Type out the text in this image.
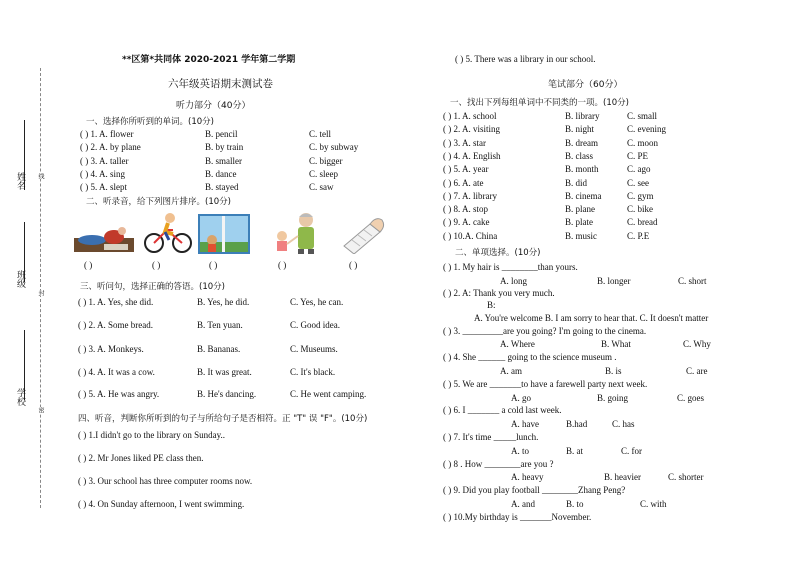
姓名
班级
学校
线
封
密
**区第*共同体 2020-2021 学年第二学期
六年级英语期末测试卷
听力部分（40分）
一、选择你所听到的单词。(10分)
( ) 1. A. flower	B. pencil	C. tell
( ) 2. A. by plane	B. by train	C. by subway
( ) 3. A. taller	B. smaller	C. bigger
( ) 4. A. sing	B. dance	C. sleep
( ) 5. A. slept	B. stayed	C. saw
二、听录音，给下列图片排序。(10分)
( )	( )	( )	( )	( )
三、听问句，选择正确的答语。(10分)
( ) 1. A. Yes, she did.	B. Yes, he did.	C. Yes, he can.
( ) 2. A. Some bread.	B. Ten yuan.	C. Good idea.
( ) 3. A. Monkeys.	B. Bananas.	C. Museums.
( ) 4. A. It was a cow.	B. It was great.	C. It's black.
( ) 5. A. He was angry.	B. He's dancing.	C. He went camping.
四、听音，判断你所听到的句子与所给句子是否相符。正 "T" 误 "F"。(10分)
( ) 1.I didn't go to the library on Sunday..
( ) 2. Mr Jones liked PE class then.
( ) 3. Our school has three computer rooms now.
( ) 4. On Sunday afternoon, I went swimming.
( ) 5. There was a library in our school.
笔试部分（60分）
一、找出下列每组单词中不同类的一项。(10分)
( ) 1. A. school	B. library	C. small
( ) 2. A. visiting	B. night	C. evening
( ) 3. A. star	B. dream	C. moon
( ) 4. A. English	B. class	C. PE
( ) 5. A. year	B. month	C. ago
( ) 6. A. ate	B. did	C. see
( ) 7. A. library	B. cinema	C. gym
( ) 8. A. stop	B. plane	C. bike
( ) 9. A. cake	B. plate	C. bread
( ) 10.A. China	B. music	C. P.E
二、单项选择。(10分)
( ) 1. My hair is ________than yours.
A. long	B. longer	C. short
( ) 2. A: Thank you very much.
B:
A. You're welcome B. I am sorry to hear that. C. It doesn't matter
( ) 3. _________are you going? I'm going to the cinema.
A. Where	B. What	C. Why
( ) 4. She ______ going to the science museum .
A. am	B. is	C. are
( ) 5. We are _______to have a farewell party next week.
A. go	B. going	C. goes
( ) 6. I _______ a cold last week.
A. have	B.had	C. has
( ) 7. It's time _____lunch.
A. to	B. at	C. for
( ) 8 . How ________are you ?
A. heavy	B. heavier	C. shorter
( ) 9. Did you play football ________Zhang Peng?
A. and	B. to	C. with
( ) 10.My birthday is _______November.
